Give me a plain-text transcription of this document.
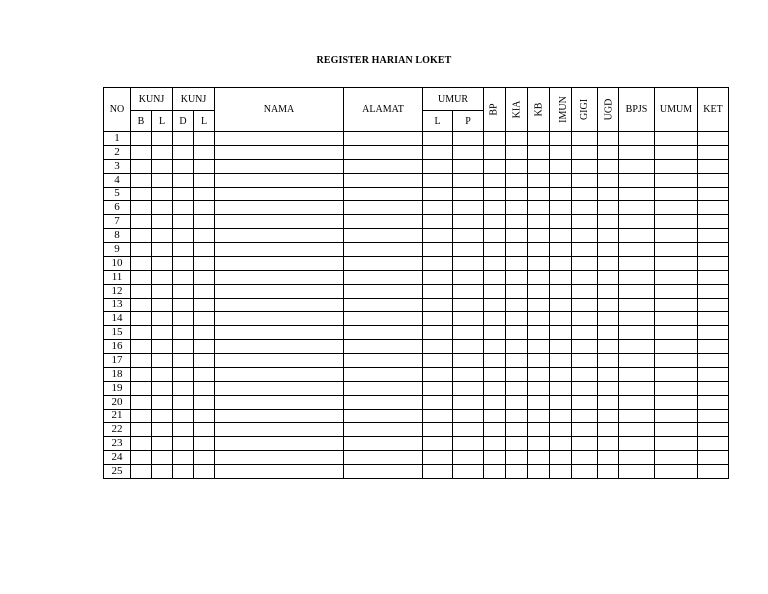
REGISTER HARIAN LOKET
NO	KUNJ		KUNJ		NAMA	ALAMAT	UMUR		BP	KIA	KB	IMUN	GIGI	UGD	BPJS	UMUM	KET
	B	L	D	L			L	P									
1																	
2																	
3																	
4																	
5																	
6																	
7																	
8																	
9																	
10																	
11																	
12																	
13																	
14																	
15																	
16																	
17																	
18																	
19																	
20																	
21																	
22																	
23																	
24																	
25																	
